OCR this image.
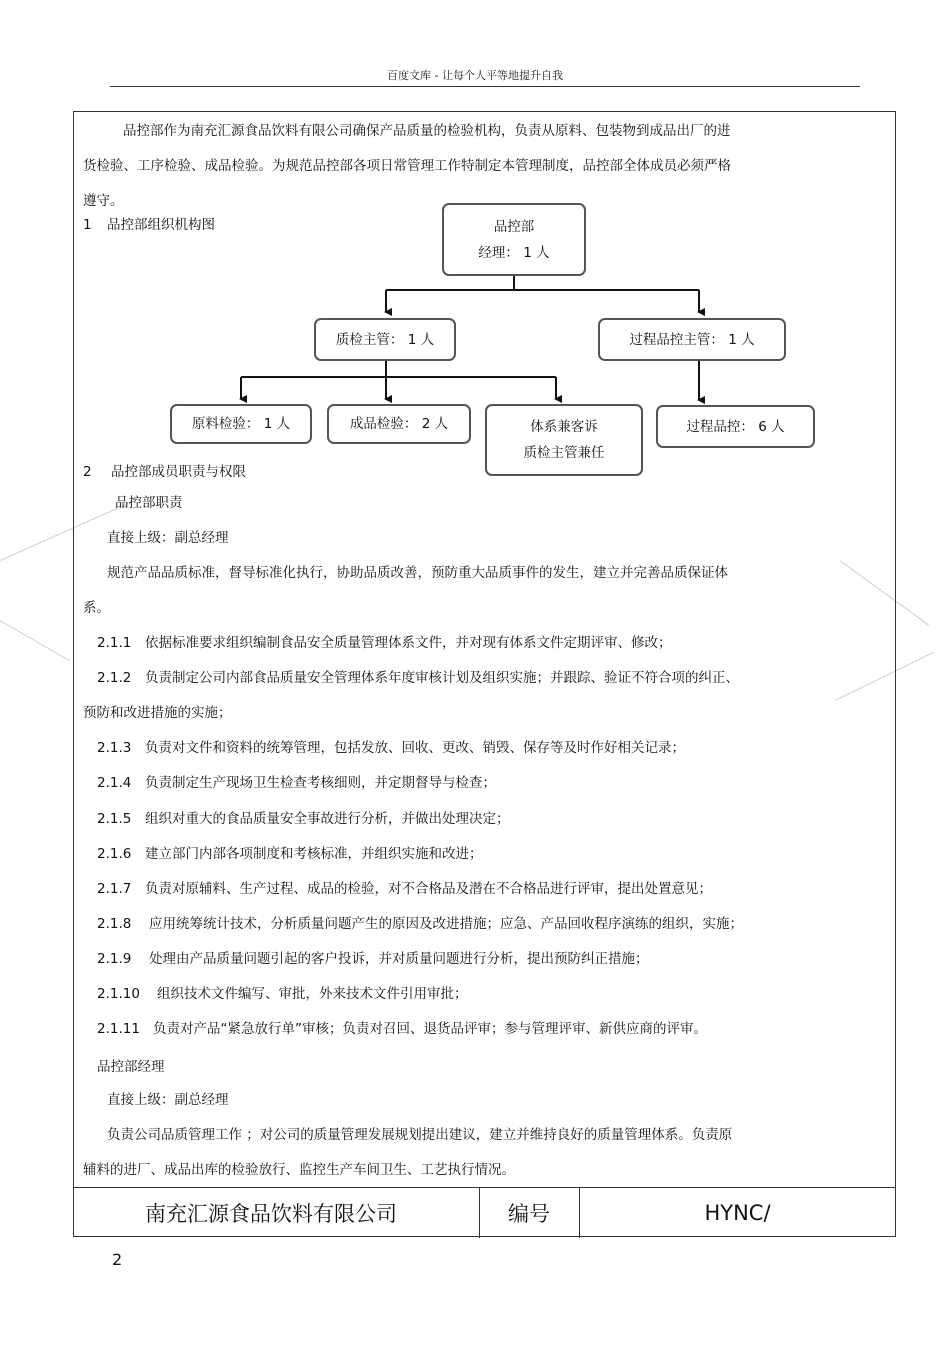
百度文库 - 让每个人平等地提升自我
品控部作为南充汇源食品饮料有限公司确保产品质量的检验机构，负责从原料、包装物到成品出厂的进
货检验、工序检验、成品检验。为规范品控部各项日常管理工作特制定本管理制度，品控部全体成员必须严格
遵守。
1 品控部组织机构图	品控部
经理： 1 人
质检主管： 1 人	过程品控主管： 1 人
原料检验： 1 人	成品检验： 2 人	体系兼客诉
质检主管兼任
过程品控： 6 人
2 品控部成员职责与权限
品控部职责
直接上级：副总经理
规范产品品质标准，督导标准化执行，协助品质改善，预防重大品质事件的发生，建立并完善品质保证体
系。
2.1.1 依据标准要求组织编制食品安全质量管理体系文件，并对现有体系文件定期评审、修改；
2.1.2 负责制定公司内部食品质量安全管理体系年度审核计划及组织实施；并跟踪、验证不符合项的纠正、
预防和改进措施的实施；
2.1.3 负责对文件和资料的统筹管理，包括发放、回收、更改、销毁、保存等及时作好相关记录；
2.1.4 负责制定生产现场卫生检查考核细则，并定期督导与检查；
2.1.5 组织对重大的食品质量安全事故进行分析，并做出处理决定；
2.1.6 建立部门内部各项制度和考核标准，并组织实施和改进；
2.1.7 负责对原辅料、生产过程、成品的检验，对不合格品及潜在不合格品进行评审，提出处置意见；
2.1.8 应用统筹统计技术，分析质量问题产生的原因及改进措施；应急、产品回收程序演练的组织，实施；
2.1.9 处理由产品质量问题引起的客户投诉，并对质量问题进行分析，提出预防纠正措施；
2.1.10 组织技术文件编写、审批，外来技术文件引用审批；
2.1.11 负责对产品“紧急放行单”审核；负责对召回、退货品评审；参与管理评审、新供应商的评审。
品控部经理
直接上级：副总经理
负责公司品质管理工作 ；对公司的质量管理发展规划提出建议，建立并维持良好的质量管理体系。负责原
辅料的进厂、成品出库的检验放行、监控生产车间卫生、工艺执行情况。
南充汇源食品饮料有限公司	编号	HYNC/
2
